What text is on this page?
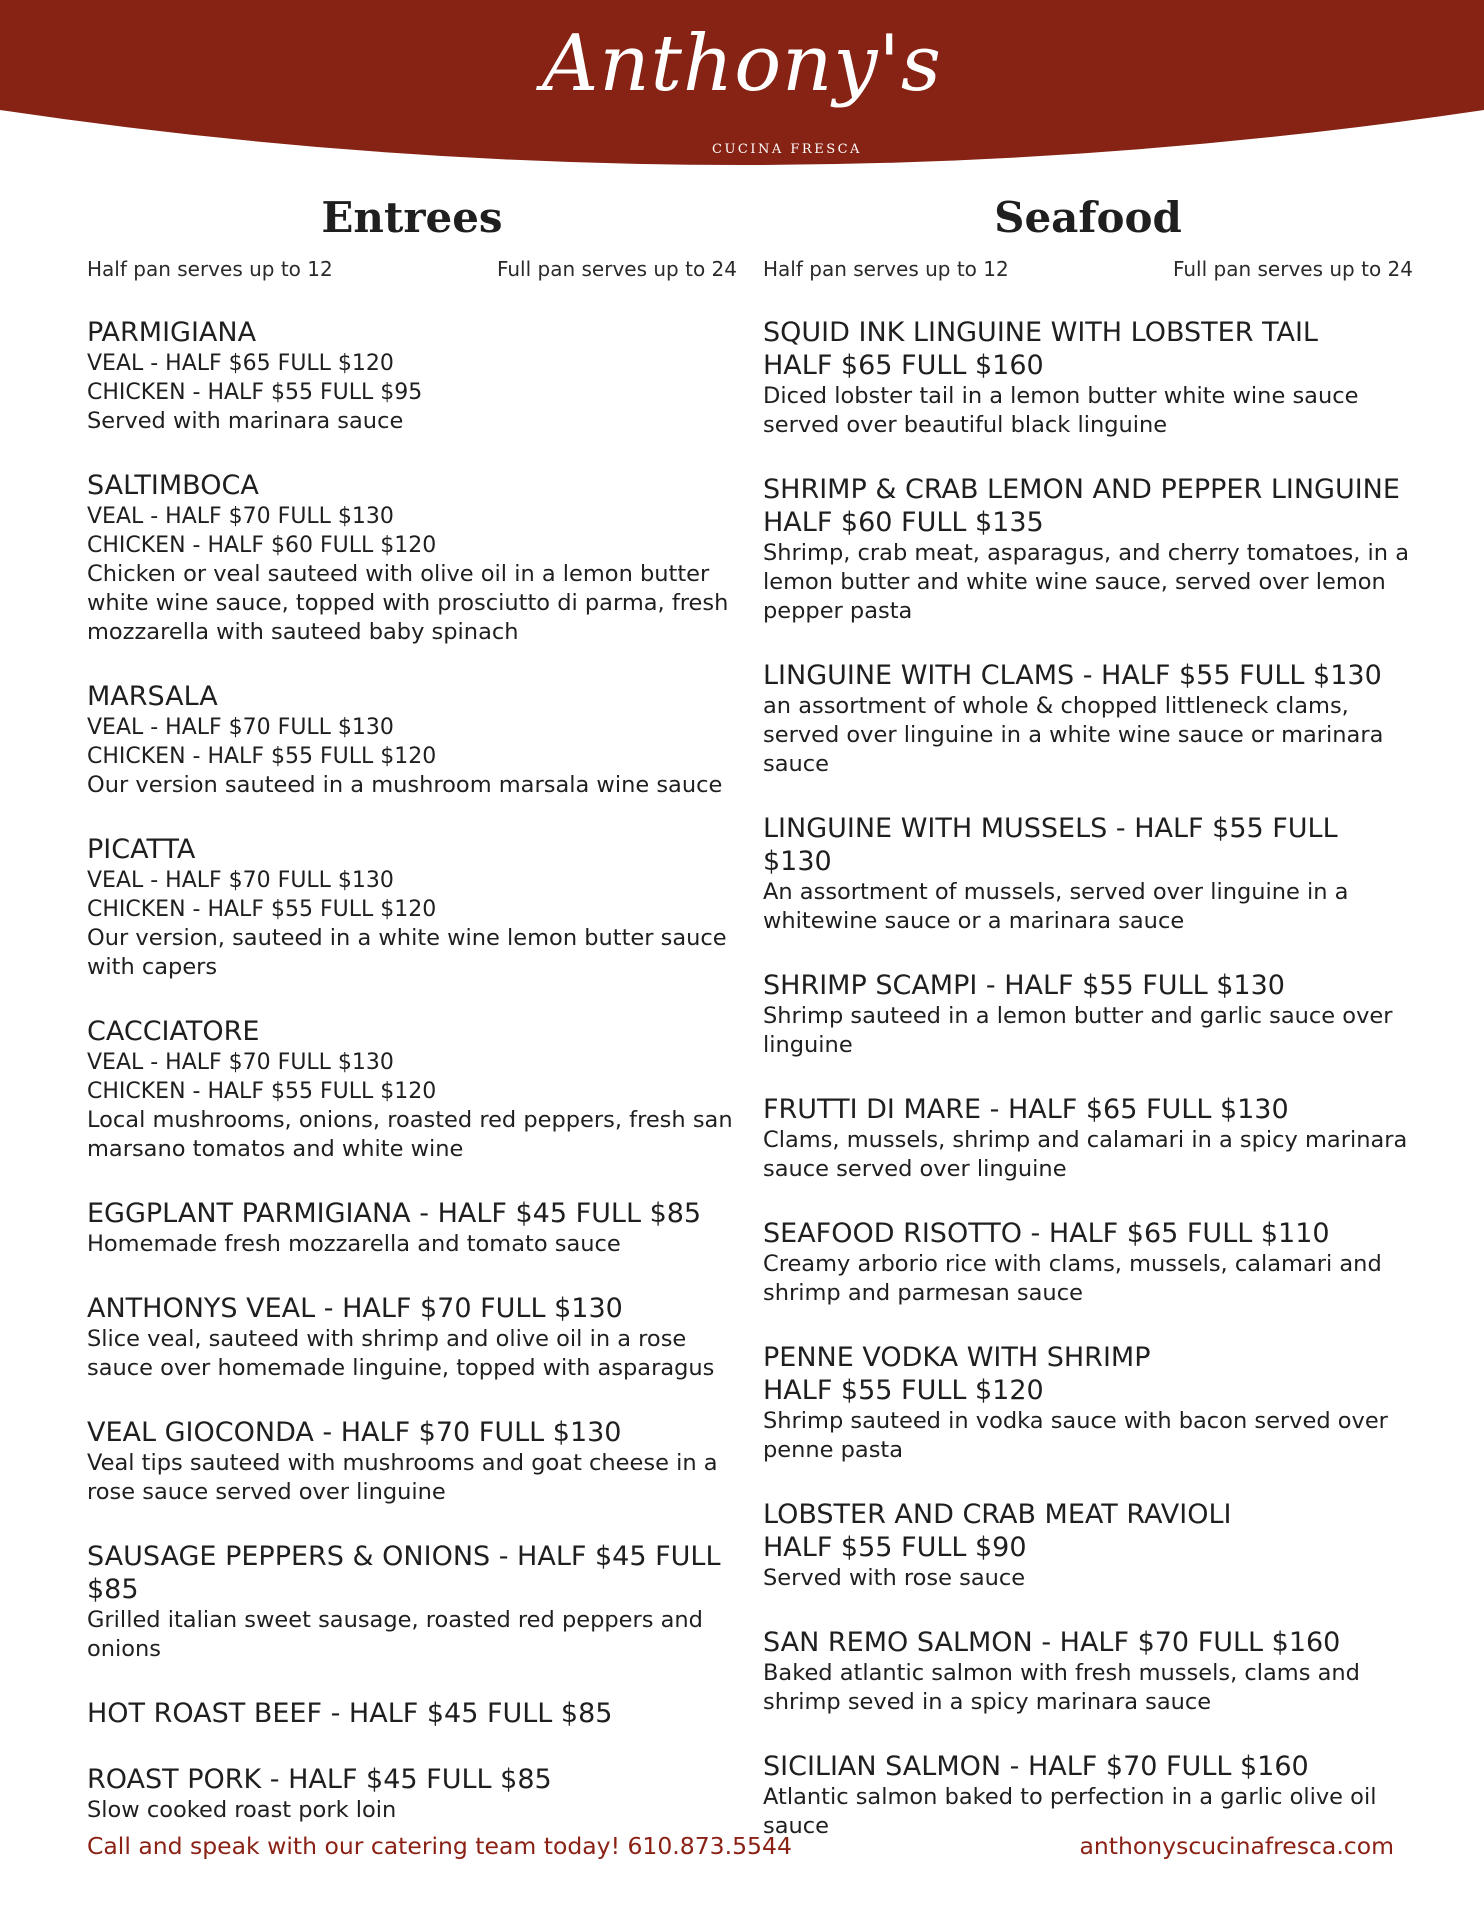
Anthony's
CUCINA FRESCA
Entrees
Half pan serves up to 12	Full pan serves up to 24
PARMIGIANA
VEAL - HALF $65 FULL $120
CHICKEN - HALF $55 FULL $95
Served with marinara sauce
SALTIMBOCA
VEAL - HALF $70 FULL $130
CHICKEN - HALF $60 FULL $120
Chicken or veal sauteed with olive oil in a lemon butter white wine sauce, topped with prosciutto di parma, fresh mozzarella with sauteed baby spinach
MARSALA
VEAL - HALF $70 FULL $130
CHICKEN - HALF $55 FULL $120
Our version sauteed in a mushroom marsala wine sauce
PICATTA
VEAL - HALF $70 FULL $130
CHICKEN - HALF $55 FULL $120
Our version, sauteed in a white wine lemon butter sauce with capers
CACCIATORE
VEAL - HALF $70 FULL $130
CHICKEN - HALF $55 FULL $120
Local mushrooms, onions, roasted red peppers, fresh san marsano tomatos and white wine
EGGPLANT PARMIGIANA - HALF $45 FULL $85
Homemade fresh mozzarella and tomato sauce
ANTHONYS VEAL - HALF $70 FULL $130
Slice veal, sauteed with shrimp and olive oil in a rose sauce over homemade linguine, topped with asparagus
VEAL GIOCONDA - HALF $70 FULL $130
Veal tips sauteed with mushrooms and goat cheese in a rose sauce served over linguine
SAUSAGE PEPPERS & ONIONS - HALF $45 FULL $85
Grilled italian sweet sausage, roasted red peppers and onions
HOT ROAST BEEF - HALF $45 FULL $85
ROAST PORK - HALF $45 FULL $85
Slow cooked roast pork loin
Seafood
Half pan serves up to 12	Full pan serves up to 24
SQUID INK LINGUINE WITH LOBSTER TAIL
HALF $65 FULL $160
Diced lobster tail in a lemon butter white wine sauce served over beautiful black linguine
SHRIMP & CRAB LEMON AND PEPPER LINGUINE
HALF $60 FULL $135
Shrimp, crab meat, asparagus, and cherry tomatoes, in a lemon butter and white wine sauce, served over lemon pepper pasta
LINGUINE WITH CLAMS - HALF $55 FULL $130
an assortment of whole & chopped littleneck clams, served over linguine in a white wine sauce or marinara sauce
LINGUINE WITH MUSSELS - HALF $55 FULL $130
An assortment of mussels, served over linguine in a whitewine sauce or a marinara sauce
SHRIMP SCAMPI - HALF $55 FULL $130
Shrimp sauteed in a lemon butter and garlic sauce over linguine
FRUTTI DI MARE - HALF $65 FULL $130
Clams, mussels, shrimp and calamari in a spicy marinara sauce served over linguine
SEAFOOD RISOTTO - HALF $65 FULL $110
Creamy arborio rice with clams, mussels, calamari and shrimp and parmesan sauce
PENNE VODKA WITH SHRIMP
HALF $55 FULL $120
Shrimp sauteed in vodka sauce with bacon served over penne pasta
LOBSTER AND CRAB MEAT RAVIOLI
HALF $55 FULL $90
Served with rose sauce
SAN REMO SALMON - HALF $70 FULL $160
Baked atlantic salmon with fresh mussels, clams and shrimp seved in a spicy marinara sauce
SICILIAN SALMON - HALF $70 FULL $160
Atlantic salmon baked to perfection in a garlic olive oil sauce
Call and speak with our catering team today! 610.873.5544	anthonyscucinafresca.com
